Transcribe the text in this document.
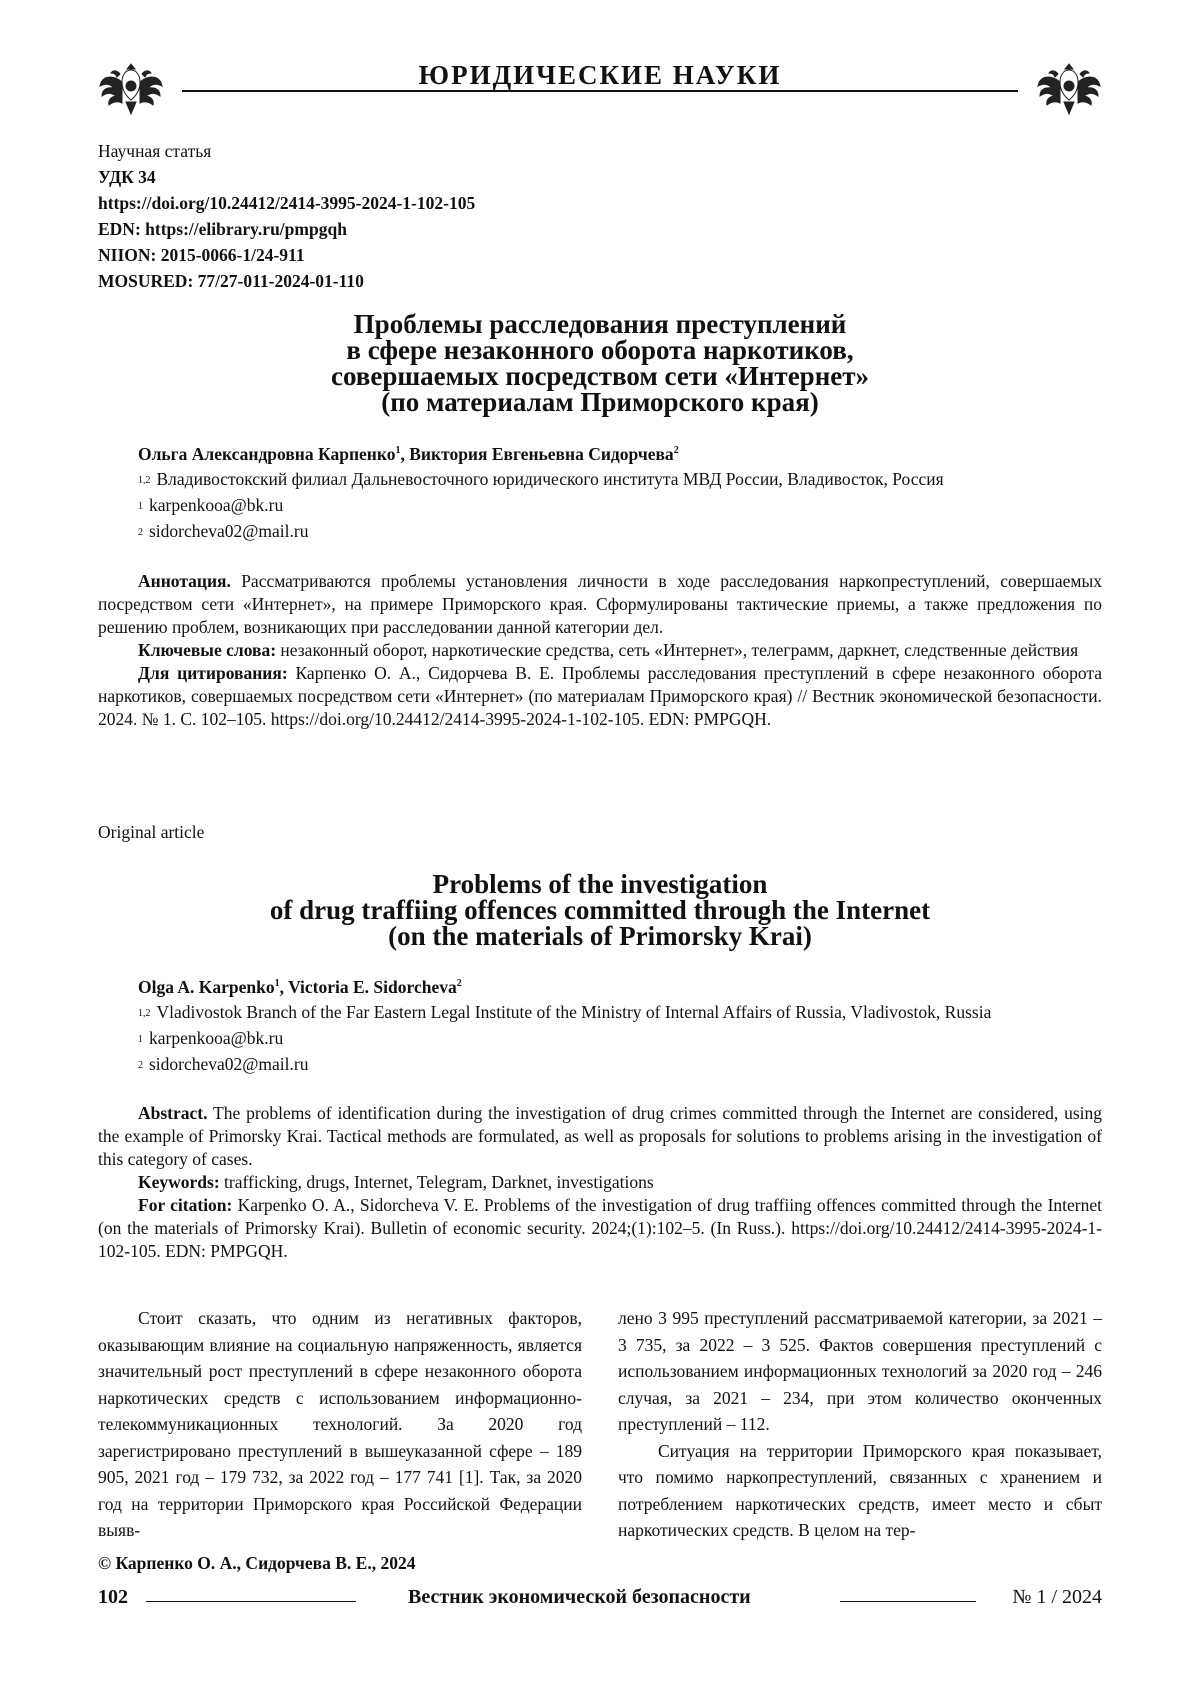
ЮРИДИЧЕСКИЕ НАУКИ
Научная статья
УДК 34
https://doi.org/10.24412/2414-3995-2024-1-102-105
EDN: https://elibrary.ru/pmpgqh
NIION: 2015-0066-1/24-911
MOSURED: 77/27-011-2024-01-110
Проблемы расследования преступлений
в сфере незаконного оборота наркотиков,
совершаемых посредством сети «Интернет»
(по материалам Приморского края)
Ольга Александровна Карпенко$^1$, Виктория Евгеньевна Сидорчева$^2$
$^{1,2}$ Владивостокский филиал Дальневосточного юридического института МВД России, Владивосток, Россия
$^1$ karpenkooa@bk.ru
$^2$ sidorcheva02@mail.ru

Аннотация. Рассматриваются проблемы установления личности в ходе расследования наркопреступлений, совершаемых посредством сети «Интернет», на примере Приморского края. Сформулированы тактические приемы, а также предложения по решению проблем, возникающих при расследовании данной категории дел.

Ключевые слова: незаконный оборот, наркотические средства, сеть «Интернет», телеграмм, даркнет, следственные действия

Для цитирования: Карпенко О. А., Сидорчева В. Е. Проблемы расследования преступлений в сфере незаконного оборота наркотиков, совершаемых посредством сети «Интернет» (по материалам Приморского края) // Вестник экономической безопасности. 2024. № 1. С. 102–105. https://doi.org/10.24412/2414-3995-2024-1-102-105. EDN: PMPGQH.

Original article
Problems of the investigation
of drug traffiing offences committed through the Internet
(on the materials of Primorsky Krai)
Olga A. Karpenko$^1$, Victoria E. Sidorcheva$^2$
$^{1,2}$ Vladivostok Branch of the Far Eastern Legal Institute of the Ministry of Internal Affairs of Russia, Vladivostok, Russia
$^1$ karpenkooa@bk.ru
$^2$ sidorcheva02@mail.ru

Abstract. The problems of identification during the investigation of drug crimes committed through the Internet are considered, using the example of Primorsky Krai. Tactical methods are formulated, as well as proposals for solutions to problems arising in the investigation of this category of cases.

Keywords: trafficking, drugs, Internet, Telegram, Darknet, investigations

For citation: Karpenko O. A., Sidorcheva V. E. Problems of the investigation of drug traffiing offences committed through the Internet (on the materials of Primorsky Krai). Bulletin of economic security. 2024;(1):102–5. (In Russ.). https://doi.org/10.24412/2414-3995-2024-1-102-105. EDN: PMPGQH.

Стоит сказать, что одним из негативных факторов, оказывающим влияние на социальную напряженность, является значительный рост преступлений в сфере незаконного оборота наркотических средств с использованием информационно-телекоммуникационных технологий. За 2020 год зарегистрировано преступлений в вышеуказанной сфере – 189 905, 2021 год – 179 732, за 2022 год – 177 741 [1]. Так, за 2020 год на территории Приморского края Российской Федерации выяв-

лено 3 995 преступлений рассматриваемой категории, за 2021 – 3 735, за 2022 – 3 525. Фактов совершения преступлений с использованием информационных технологий за 2020 год – 246 случая, за 2021 – 234, при этом количество оконченных преступлений – 112.

Ситуация на территории Приморского края показывает, что помимо наркопреступлений, связанных с хранением и потреблением наркотических средств, имеет место и сбыт наркотических средств. В целом на тер-

© Карпенко О. А., Сидорчева В. Е., 2024
102	Вестник экономической безопасности	№ 1 / 2024
